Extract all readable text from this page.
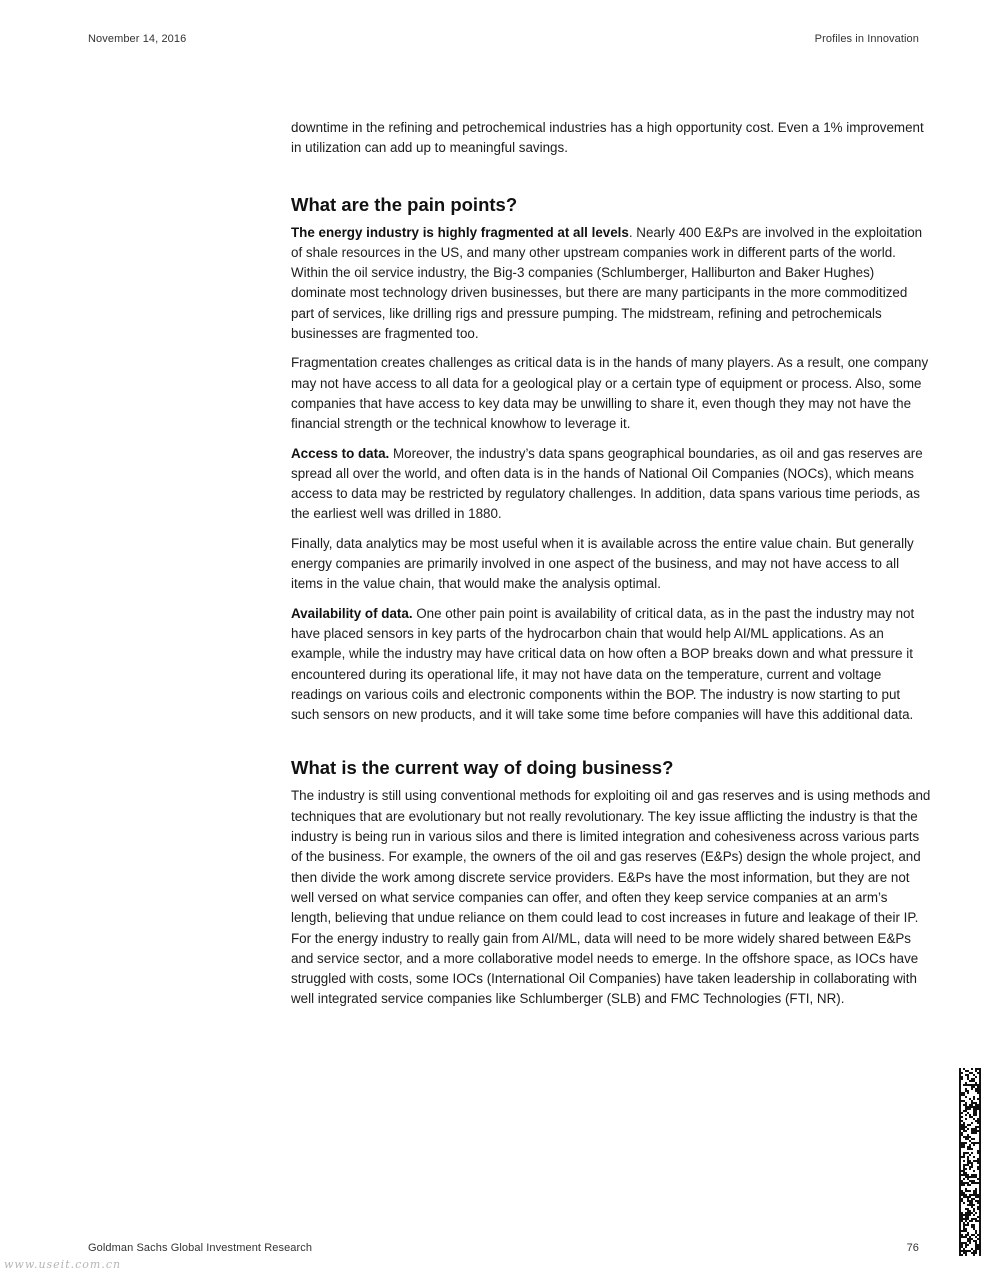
November 14, 2016	Profiles in Innovation

downtime in the refining and petrochemical industries has a high opportunity cost. Even a 1% improvement in utilization can add up to meaningful savings.

What are the pain points?

The energy industry is highly fragmented at all levels. Nearly 400 E&Ps are involved in the exploitation of shale resources in the US, and many other upstream companies work in different parts of the world. Within the oil service industry, the Big-3 companies (Schlumberger, Halliburton and Baker Hughes) dominate most technology driven businesses, but there are many participants in the more commoditized part of services, like drilling rigs and pressure pumping. The midstream, refining and petrochemicals businesses are fragmented too.

Fragmentation creates challenges as critical data is in the hands of many players. As a result, one company may not have access to all data for a geological play or a certain type of equipment or process. Also, some companies that have access to key data may be unwilling to share it, even though they may not have the financial strength or the technical knowhow to leverage it.

Access to data. Moreover, the industry’s data spans geographical boundaries, as oil and gas reserves are spread all over the world, and often data is in the hands of National Oil Companies (NOCs), which means access to data may be restricted by regulatory challenges. In addition, data spans various time periods, as the earliest well was drilled in 1880.

Finally, data analytics may be most useful when it is available across the entire value chain. But generally energy companies are primarily involved in one aspect of the business, and may not have access to all items in the value chain, that would make the analysis optimal.

Availability of data. One other pain point is availability of critical data, as in the past the industry may not have placed sensors in key parts of the hydrocarbon chain that would help AI/ML applications. As an example, while the industry may have critical data on how often a BOP breaks down and what pressure it encountered during its operational life, it may not have data on the temperature, current and voltage readings on various coils and electronic components within the BOP. The industry is now starting to put such sensors on new products, and it will take some time before companies will have this additional data.

What is the current way of doing business?

The industry is still using conventional methods for exploiting oil and gas reserves and is using methods and techniques that are evolutionary but not really revolutionary. The key issue afflicting the industry is that the industry is being run in various silos and there is limited integration and cohesiveness across various parts of the business. For example, the owners of the oil and gas reserves (E&Ps) design the whole project, and then divide the work among discrete service providers. E&Ps have the most information, but they are not well versed on what service companies can offer, and often they keep service companies at an arm’s length, believing that undue reliance on them could lead to cost increases in future and leakage of their IP. For the energy industry to really gain from AI/ML, data will need to be more widely shared between E&Ps and service sector, and a more collaborative model needs to emerge. In the offshore space, as IOCs have struggled with costs, some IOCs (International Oil Companies) have taken leadership in collaborating with well integrated service companies like Schlumberger (SLB) and FMC Technologies (FTI, NR).

Goldman Sachs Global Investment Research	76
www.useit.com.cn
